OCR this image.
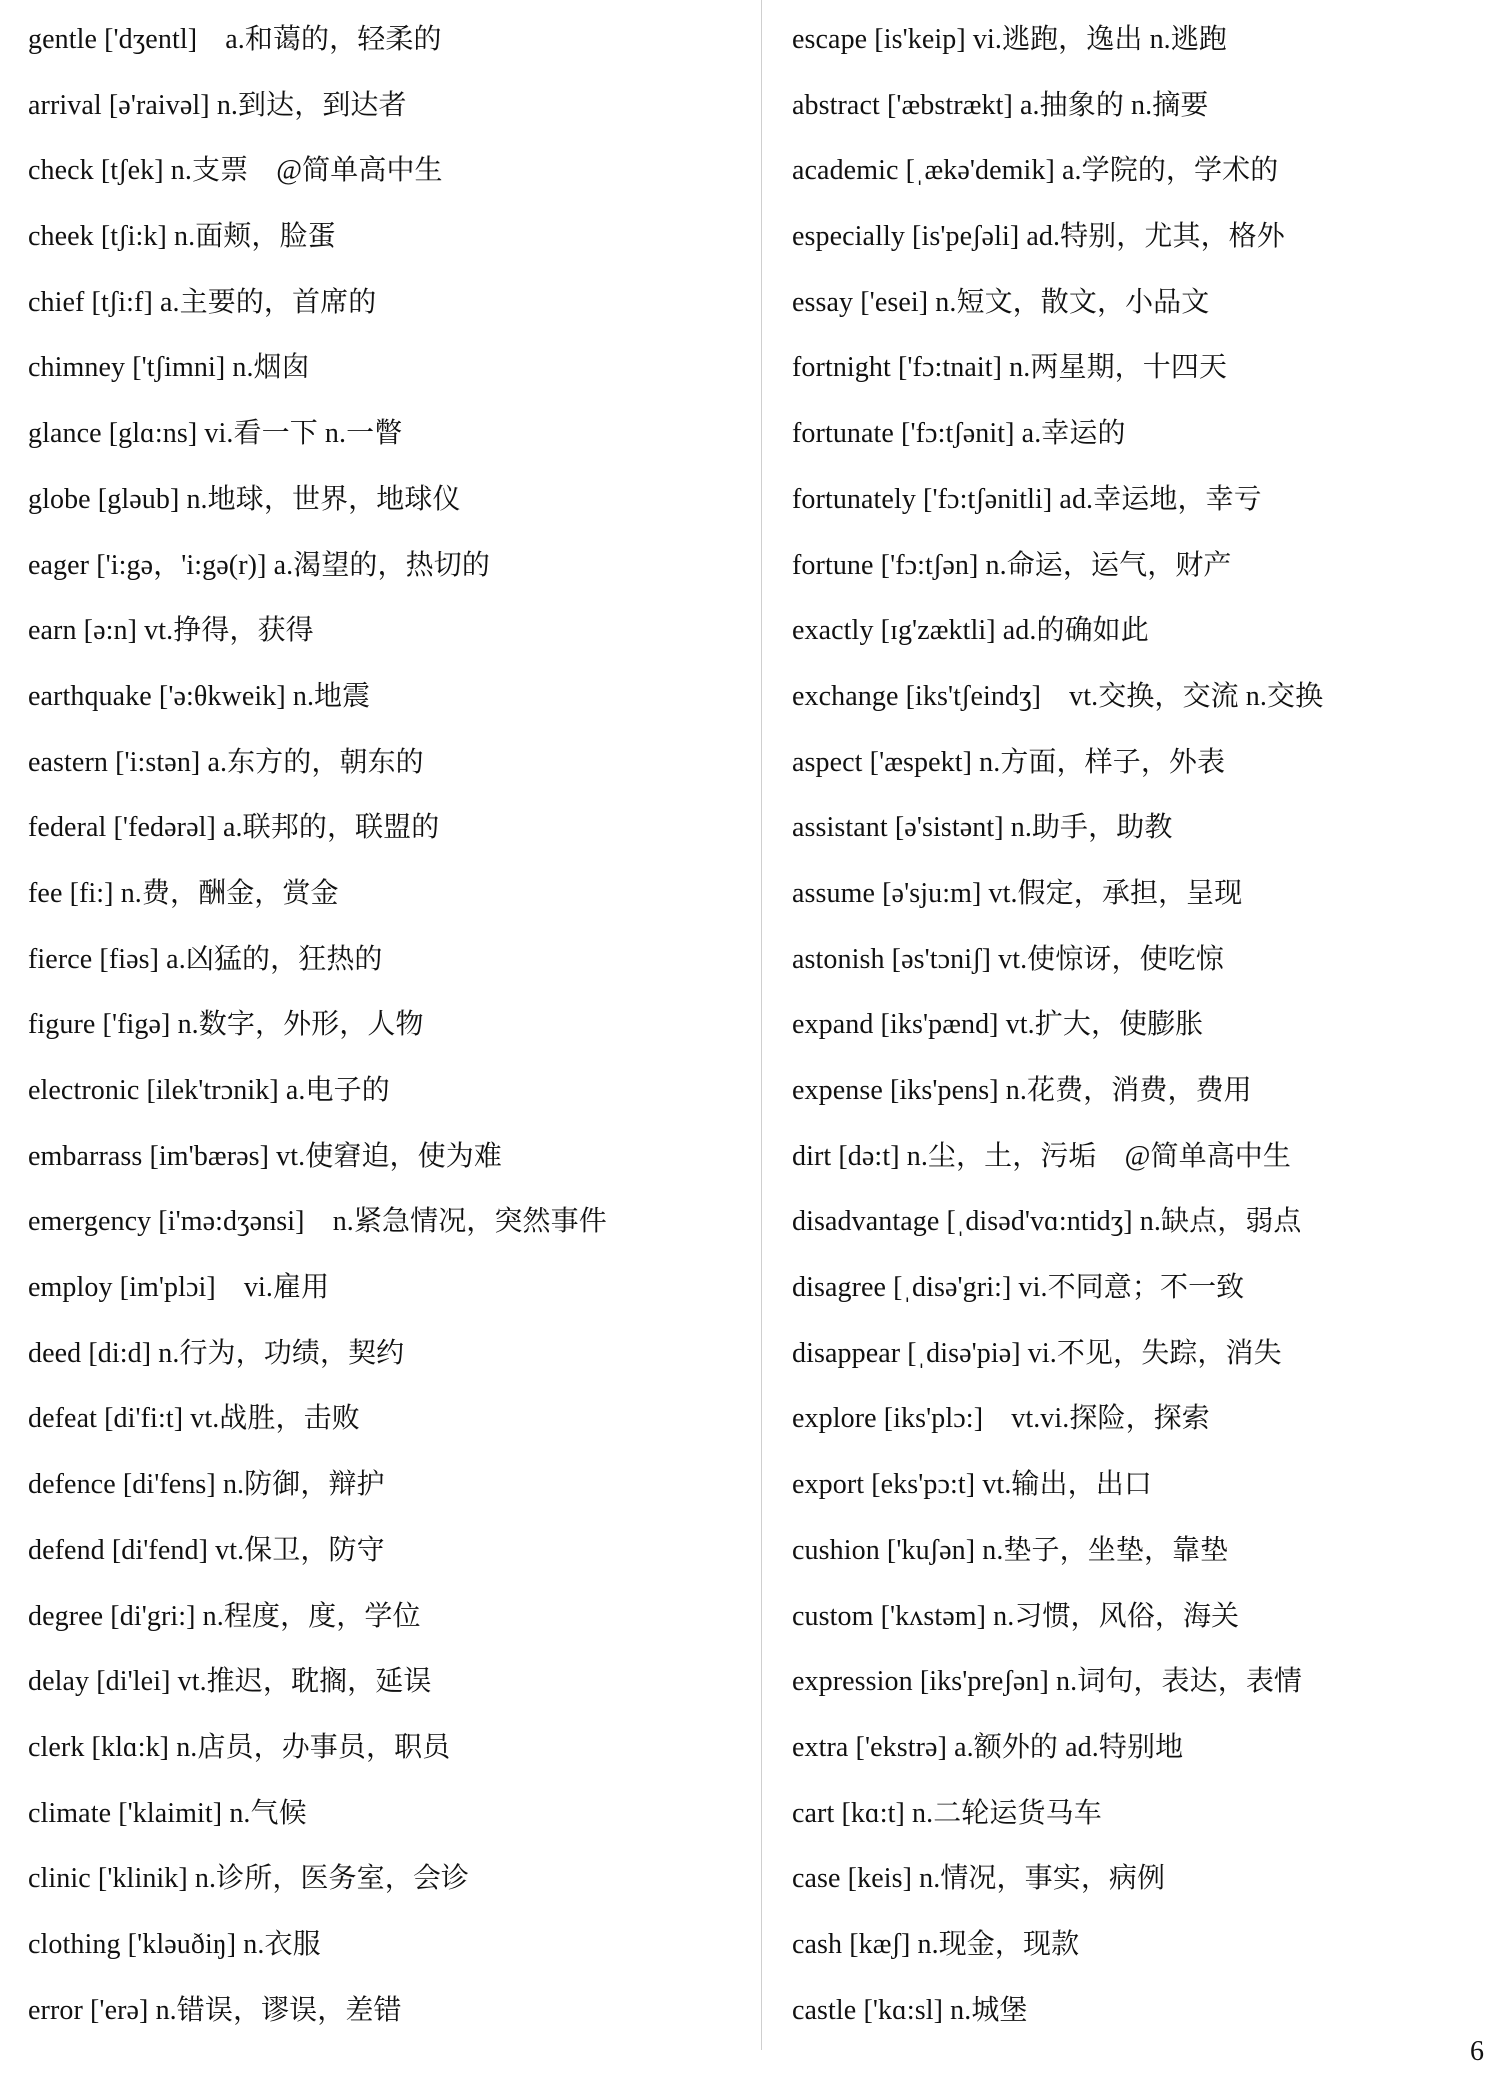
gentle ['dʒentl]　a.和蔼的，轻柔的
arrival [ə'raivəl] n.到达，到达者
check [tʃek] n.支票　@简单高中生
cheek [tʃi:k] n.面颊，脸蛋
chief [tʃi:f] a.主要的，首席的
chimney ['tʃimni] n.烟囱
glance [glɑ:ns] vi.看一下 n.一瞥
globe [gləub] n.地球，世界，地球仪
eager ['i:gə，'i:gə(r)] a.渴望的，热切的
earn [ə:n] vt.挣得，获得
earthquake ['ə:θkweik] n.地震
eastern ['i:stən] a.东方的，朝东的
federal ['fedərəl] a.联邦的，联盟的
fee [fi:] n.费，酬金，赏金
fierce [fiəs] a.凶猛的，狂热的
figure ['figə] n.数字，外形，人物
electronic [ilek'trɔnik] a.电子的
embarrass [im'bærəs] vt.使窘迫，使为难
emergency [i'mə:dʒənsi]　n.紧急情况，突然事件
employ [im'plɔi]　vi.雇用
deed [di:d] n.行为，功绩，契约
defeat [di'fi:t] vt.战胜，击败
defence [di'fens] n.防御，辩护
defend [di'fend] vt.保卫，防守
degree [di'gri:] n.程度，度，学位
delay [di'lei] vt.推迟，耽搁，延误
clerk [klɑ:k] n.店员，办事员，职员
climate ['klaimit] n.气候
clinic ['klinik] n.诊所，医务室，会诊
clothing ['kləuðiŋ] n.衣服
error ['erə] n.错误，谬误，差错
escape [is'keip] vi.逃跑，逸出 n.逃跑
abstract ['æbstrækt] a.抽象的 n.摘要
academic [ˌækə'demik] a.学院的，学术的
especially [is'peʃəli] ad.特别，尤其，格外
essay ['esei] n.短文，散文，小品文
fortnight ['fɔ:tnait] n.两星期，十四天
fortunate ['fɔ:tʃənit] a.幸运的
fortunately ['fɔ:tʃənitli] ad.幸运地，幸亏
fortune ['fɔ:tʃən] n.命运，运气，财产
exactly [ɪg'zæktli] ad.的确如此
exchange [iks'tʃeindʒ]　vt.交换，交流 n.交换
aspect ['æspekt] n.方面，样子，外表
assistant [ə'sistənt] n.助手，助教
assume [ə'sju:m] vt.假定，承担，呈现
astonish [əs'tɔniʃ] vt.使惊讶，使吃惊
expand [iks'pænd] vt.扩大，使膨胀
expense [iks'pens] n.花费，消费，费用
dirt [də:t] n.尘，土，污垢　@简单高中生
disadvantage [ˌdisəd'vɑ:ntidʒ] n.缺点，弱点
disagree [ˌdisə'gri:] vi.不同意；不一致
disappear [ˌdisə'piə] vi.不见，失踪，消失
explore [iks'plɔ:]　vt.vi.探险，探索
export [eks'pɔ:t] vt.输出，出口
cushion ['kuʃən] n.垫子，坐垫，靠垫
custom ['kʌstəm] n.习惯，风俗，海关
expression [iks'preʃən] n.词句，表达，表情
extra ['ekstrə] a.额外的 ad.特别地
cart [kɑ:t] n.二轮运货马车
case [keis] n.情况，事实，病例
cash [kæʃ] n.现金，现款
castle ['kɑ:sl] n.城堡
6
